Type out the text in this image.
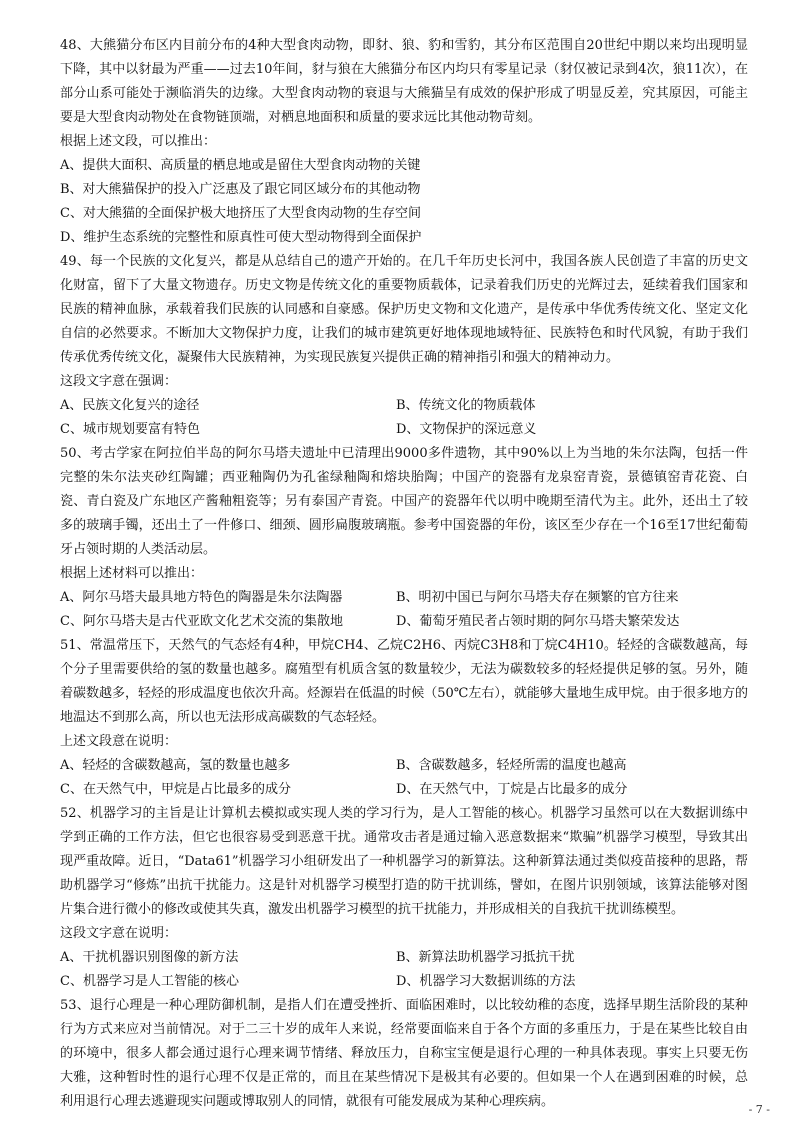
48、大熊猫分布区内目前分布的4种大型食肉动物，即豺、狼、豹和雪豹，其分布区范围自20世纪中期以来均出现明显下降，其中以豺最为严重——过去10年间，豺与狼在大熊猫分布区内均只有零星记录（豺仅被记录到4次，狼11次），在部分山系可能处于濒临消失的边缘。大型食肉动物的衰退与大熊猫呈有成效的保护形成了明显反差，究其原因，可能主要是大型食肉动物处在食物链顶端，对栖息地面积和质量的要求远比其他动物苛刻。

根据上述文段，可以推出：

A、提供大面积、高质量的栖息地或是留住大型食肉动物的关键

B、对大熊猫保护的投入广泛惠及了跟它同区域分布的其他动物

C、对大熊猫的全面保护极大地挤压了大型食肉动物的生存空间

D、维护生态系统的完整性和原真性可使大型动物得到全面保护

49、每一个民族的文化复兴，都是从总结自己的遗产开始的。在几千年历史长河中，我国各族人民创造了丰富的历史文化财富，留下了大量文物遗存。历史文物是传统文化的重要物质载体，记录着我们历史的光辉过去，延续着我们国家和民族的精神血脉，承载着我们民族的认同感和自豪感。保护历史文物和文化遗产，是传承中华优秀传统文化、坚定文化自信的必然要求。不断加大文物保护力度，让我们的城市建筑更好地体现地域特征、民族特色和时代风貌，有助于我们传承优秀传统文化，凝聚伟大民族精神，为实现民族复兴提供正确的精神指引和强大的精神动力。

这段文字意在强调：

A、民族文化复兴的途径	B、传统文化的物质载体

C、城市规划要富有特色	D、文物保护的深远意义

50、考古学家在阿拉伯半岛的阿尔马塔夫遗址中已清理出9000多件遗物，其中90%以上为当地的朱尔法陶，包括一件完整的朱尔法夹砂红陶罐；西亚釉陶仍为孔雀绿釉陶和熔块胎陶；中国产的瓷器有龙泉窑青瓷，景德镇窑青花瓷、白瓷、青白瓷及广东地区产酱釉粗瓷等；另有泰国产青瓷。中国产的瓷器年代以明中晚期至清代为主。此外，还出土了较多的玻璃手镯，还出土了一件修口、细颈、圆形扁腹玻璃瓶。参考中国瓷器的年份，该区至少存在一个16至17世纪葡萄牙占领时期的人类活动层。

根据上述材料可以推出：

A、阿尔马塔夫最具地方特色的陶器是朱尔法陶器	B、明初中国已与阿尔马塔夫存在频繁的官方往来

C、阿尔马塔夫是古代亚欧文化艺术交流的集散地	D、葡萄牙殖民者占领时期的阿尔马塔夫繁荣发达

51、常温常压下，天然气的气态烃有4种，甲烷CH4、乙烷C2H6、丙烷C3H8和丁烷C4H10。轻烃的含碳数越高，每个分子里需要供给的氢的数量也越多。腐殖型有机质含氢的数量较少，无法为碳数较多的轻烃提供足够的氢。另外，随着碳数越多，轻烃的形成温度也依次升高。烃源岩在低温的时候（50℃左右），就能够大量地生成甲烷。由于很多地方的地温达不到那么高，所以也无法形成高碳数的气态轻烃。

上述文段意在说明：

A、轻烃的含碳数越高，氢的数量也越多	B、含碳数越多，轻烃所需的温度也越高

C、在天然气中，甲烷是占比最多的成分	D、在天然气中，丁烷是占比最多的成分

52、机器学习的主旨是让计算机去模拟或实现人类的学习行为，是人工智能的核心。机器学习虽然可以在大数据训练中学到正确的工作方法，但它也很容易受到恶意干扰。通常攻击者是通过输入恶意数据来“欺骗”机器学习模型，导致其出现严重故障。近日，“Data61”机器学习小组研发出了一种机器学习的新算法。这种新算法通过类似疫苗接种的思路，帮助机器学习“修炼”出抗干扰能力。这是针对机器学习模型打造的防干扰训练，譬如，在图片识别领域，该算法能够对图片集合进行微小的修改或使其失真，激发出机器学习模型的抗干扰能力，并形成相关的自我抗干扰训练模型。

这段文字意在说明：

A、干扰机器识别图像的新方法	B、新算法助机器学习抵抗干扰

C、机器学习是人工智能的核心	D、机器学习大数据训练的方法

53、退行心理是一种心理防御机制，是指人们在遭受挫折、面临困难时，以比较幼稚的态度，选择早期生活阶段的某种行为方式来应对当前情况。对于二三十岁的成年人来说，经常要面临来自于各个方面的多重压力，于是在某些比较自由的环境中，很多人都会通过退行心理来调节情绪、释放压力，自称宝宝便是退行心理的一种具体表现。事实上只要无伤大雅，这种暂时性的退行心理不仅是正常的，而且在某些情况下是极其有必要的。但如果一个人在遇到困难的时候，总利用退行心理去逃避现实问题或博取别人的同情，就很有可能发展成为某种心理疾病。

- 7 -
